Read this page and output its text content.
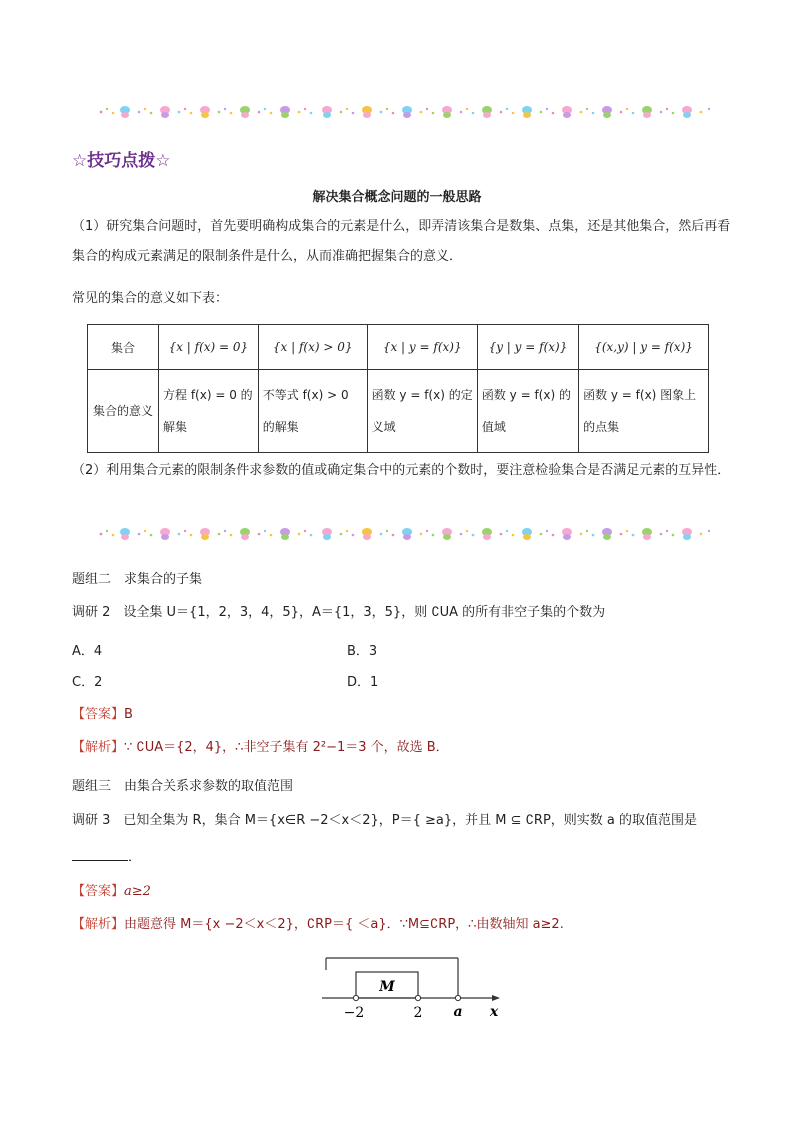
☆技巧点拨☆
解决集合概念问题的一般思路
（1）研究集合问题时，首先要明确构成集合的元素是什么，即弄清该集合是数集、点集，还是其他集合，然后再看集合的构成元素满足的限制条件是什么，从而准确把握集合的意义．
常见的集合的意义如下表：
集合	{x | f(x) = 0}	{x | f(x) > 0}	{x | y = f(x)}	{y | y = f(x)}	{(x,y) | y = f(x)}
集合的意义	方程 f(x) = 0 的解集	不等式 f(x) > 0 的解集	函数 y = f(x) 的定义域	函数 y = f(x) 的值域	函数 y = f(x) 图象上的点集
（2）利用集合元素的限制条件求参数的值或确定集合中的元素的个数时，要注意检验集合是否满足元素的互异性．
题组二　求集合的子集
调研 2　设全集 U＝{1，2，3，4，5}，A＝{1，3，5}，则 ∁UA 的所有非空子集的个数为
A．4	B．3
C．2	D．1
【答案】B
【解析】∵ ∁UA＝{2，4}，∴非空子集有 2²−1＝3 个，故选 B．
题组三　由集合关系求参数的取值范围
调研 3　已知全集为 R，集合 M＝{x∈R −2＜x＜2}，P＝{ ≥a}，并且 M ⊆ ∁RP，则实数 a 的取值范围是
．
【答案】a≥2
【解析】由题意得 M＝{x −2＜x＜2}，∁RP＝{ ＜a}．∵M⊆∁RP，∴由数轴知 a≥2.
M
−2	2 a x
